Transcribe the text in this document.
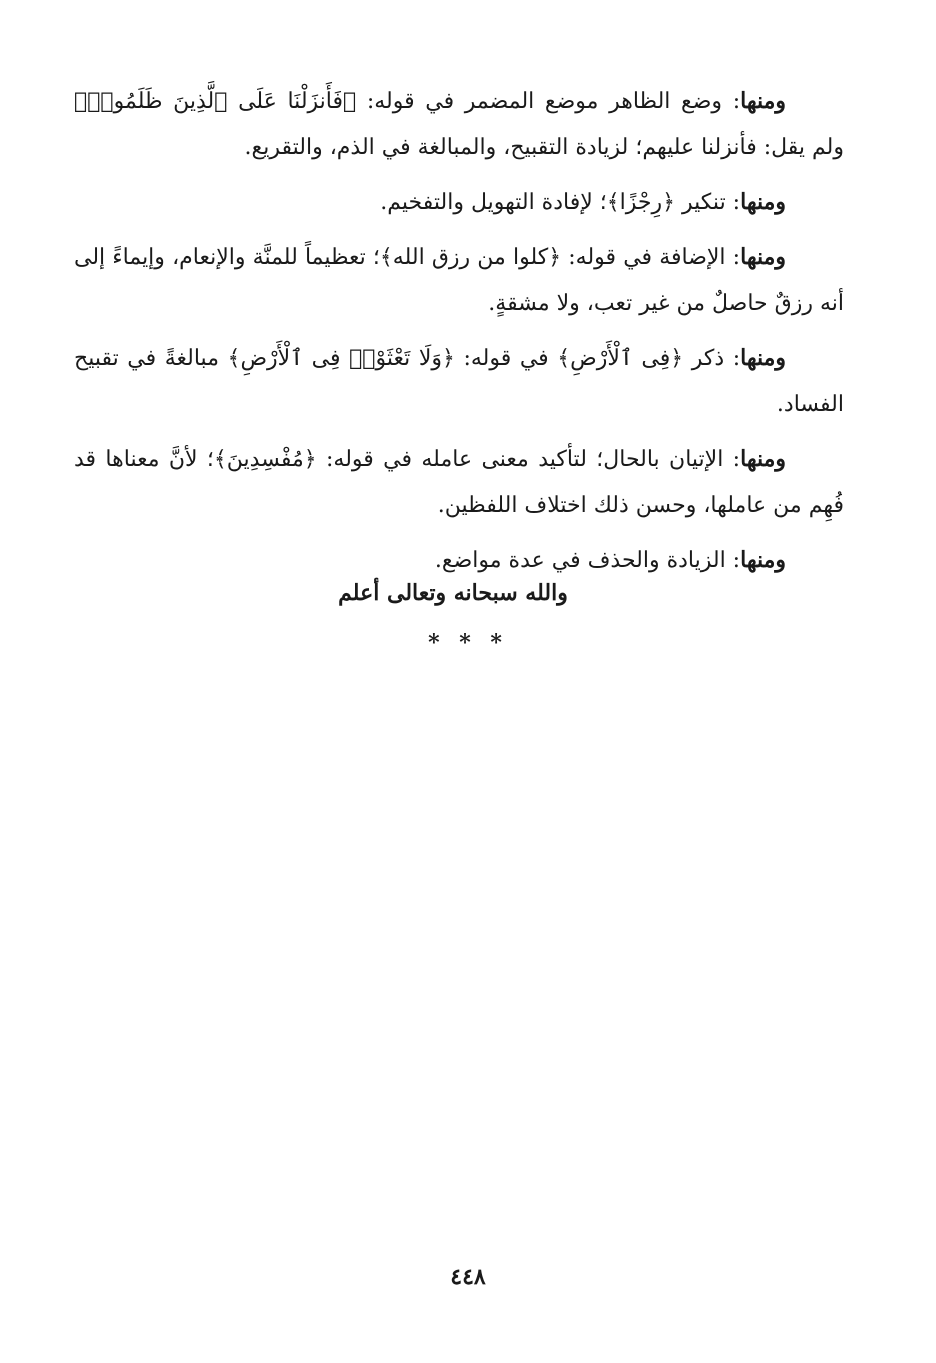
ومنها: وضع الظاهر موضع المضمر في قوله: ﴿فَأَنزَلْنَا عَلَى ٱلَّذِينَ ظَلَمُوا۟﴾ ولم يقل: فأنزلنا عليهم؛ لزيادة التقبيح، والمبالغة في الذم، والتقريع.

ومنها: تنكير ﴿رِجْزًا﴾؛ لإفادة التهويل والتفخيم.

ومنها: الإضافة في قوله: ﴿كلوا من رزق الله﴾؛ تعظيماً للمنَّة والإنعام، وإيماءً إلى أنه رزقٌ حاصلٌ من غير تعب، ولا مشقةٍ.

ومنها: ذكر ﴿فِى ٱلْأَرْضِ﴾ في قوله: ﴿وَلَا تَعْثَوْا۟ فِى ٱلْأَرْضِ﴾ مبالغةً في تقبيح الفساد.

ومنها: الإتيان بالحال؛ لتأكيد معنى عامله في قوله: ﴿مُفْسِدِينَ﴾؛ لأنَّ معناها قد فُهِم من عاملها، وحسن ذلك اختلاف اللفظين.

ومنها: الزيادة والحذف في عدة مواضع.

والله سبحانه وتعالى أعلم
* * *
٤٤٨
